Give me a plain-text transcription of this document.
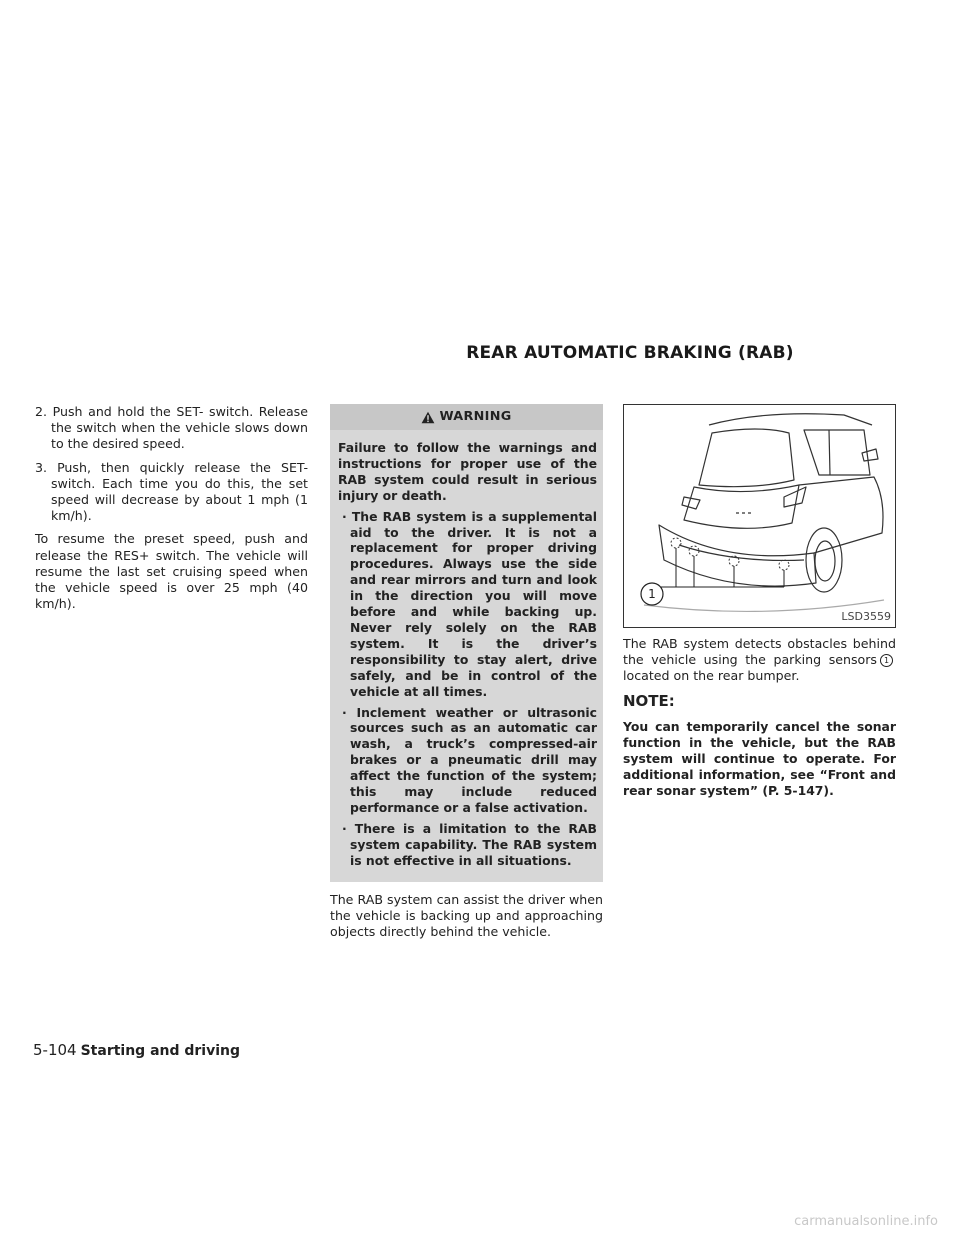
REAR AUTOMATIC BRAKING (RAB)
2. Push and hold the SET- switch. Release the switch when the vehicle slows down to the desired speed.
3. Push, then quickly release the SET- switch. Each time you do this, the set speed will decrease by about 1 mph (1 km/h).

To resume the preset speed, push and release the RES+ switch. The vehicle will resume the last set cruising speed when the vehicle speed is over 25 mph (40 km/h).

WARNING

Failure to follow the warnings and instructions for proper use of the RAB system could result in serious injury or death.

· The RAB system is a supplemental aid to the driver. It is not a replacement for proper driving procedures. Always use the side and rear mirrors and turn and look in the direction you will move before and while backing up. Never rely solely on the RAB system. It is the driver’s responsibility to stay alert, drive safely, and be in control of the vehicle at all times.
· Inclement weather or ultrasonic sources such as an automatic car wash, a truck’s compressed-air brakes or a pneumatic drill may affect the function of the system; this may include reduced performance or a false activation.
· There is a limitation to the RAB system capability. The RAB system is not effective in all situations.

The RAB system can assist the driver when the vehicle is backing up and approaching objects directly behind the vehicle.

1
LSD3559

The RAB system detects obstacles behind the vehicle using the parking sensors 1located on the rear bumper.

NOTE:
You can temporarily cancel the sonar function in the vehicle, but the RAB system will continue to operate. For additional information, see “Front and rear sonar system” (P. 5-147).
5-104 Starting and driving
carmanualsonline.info
